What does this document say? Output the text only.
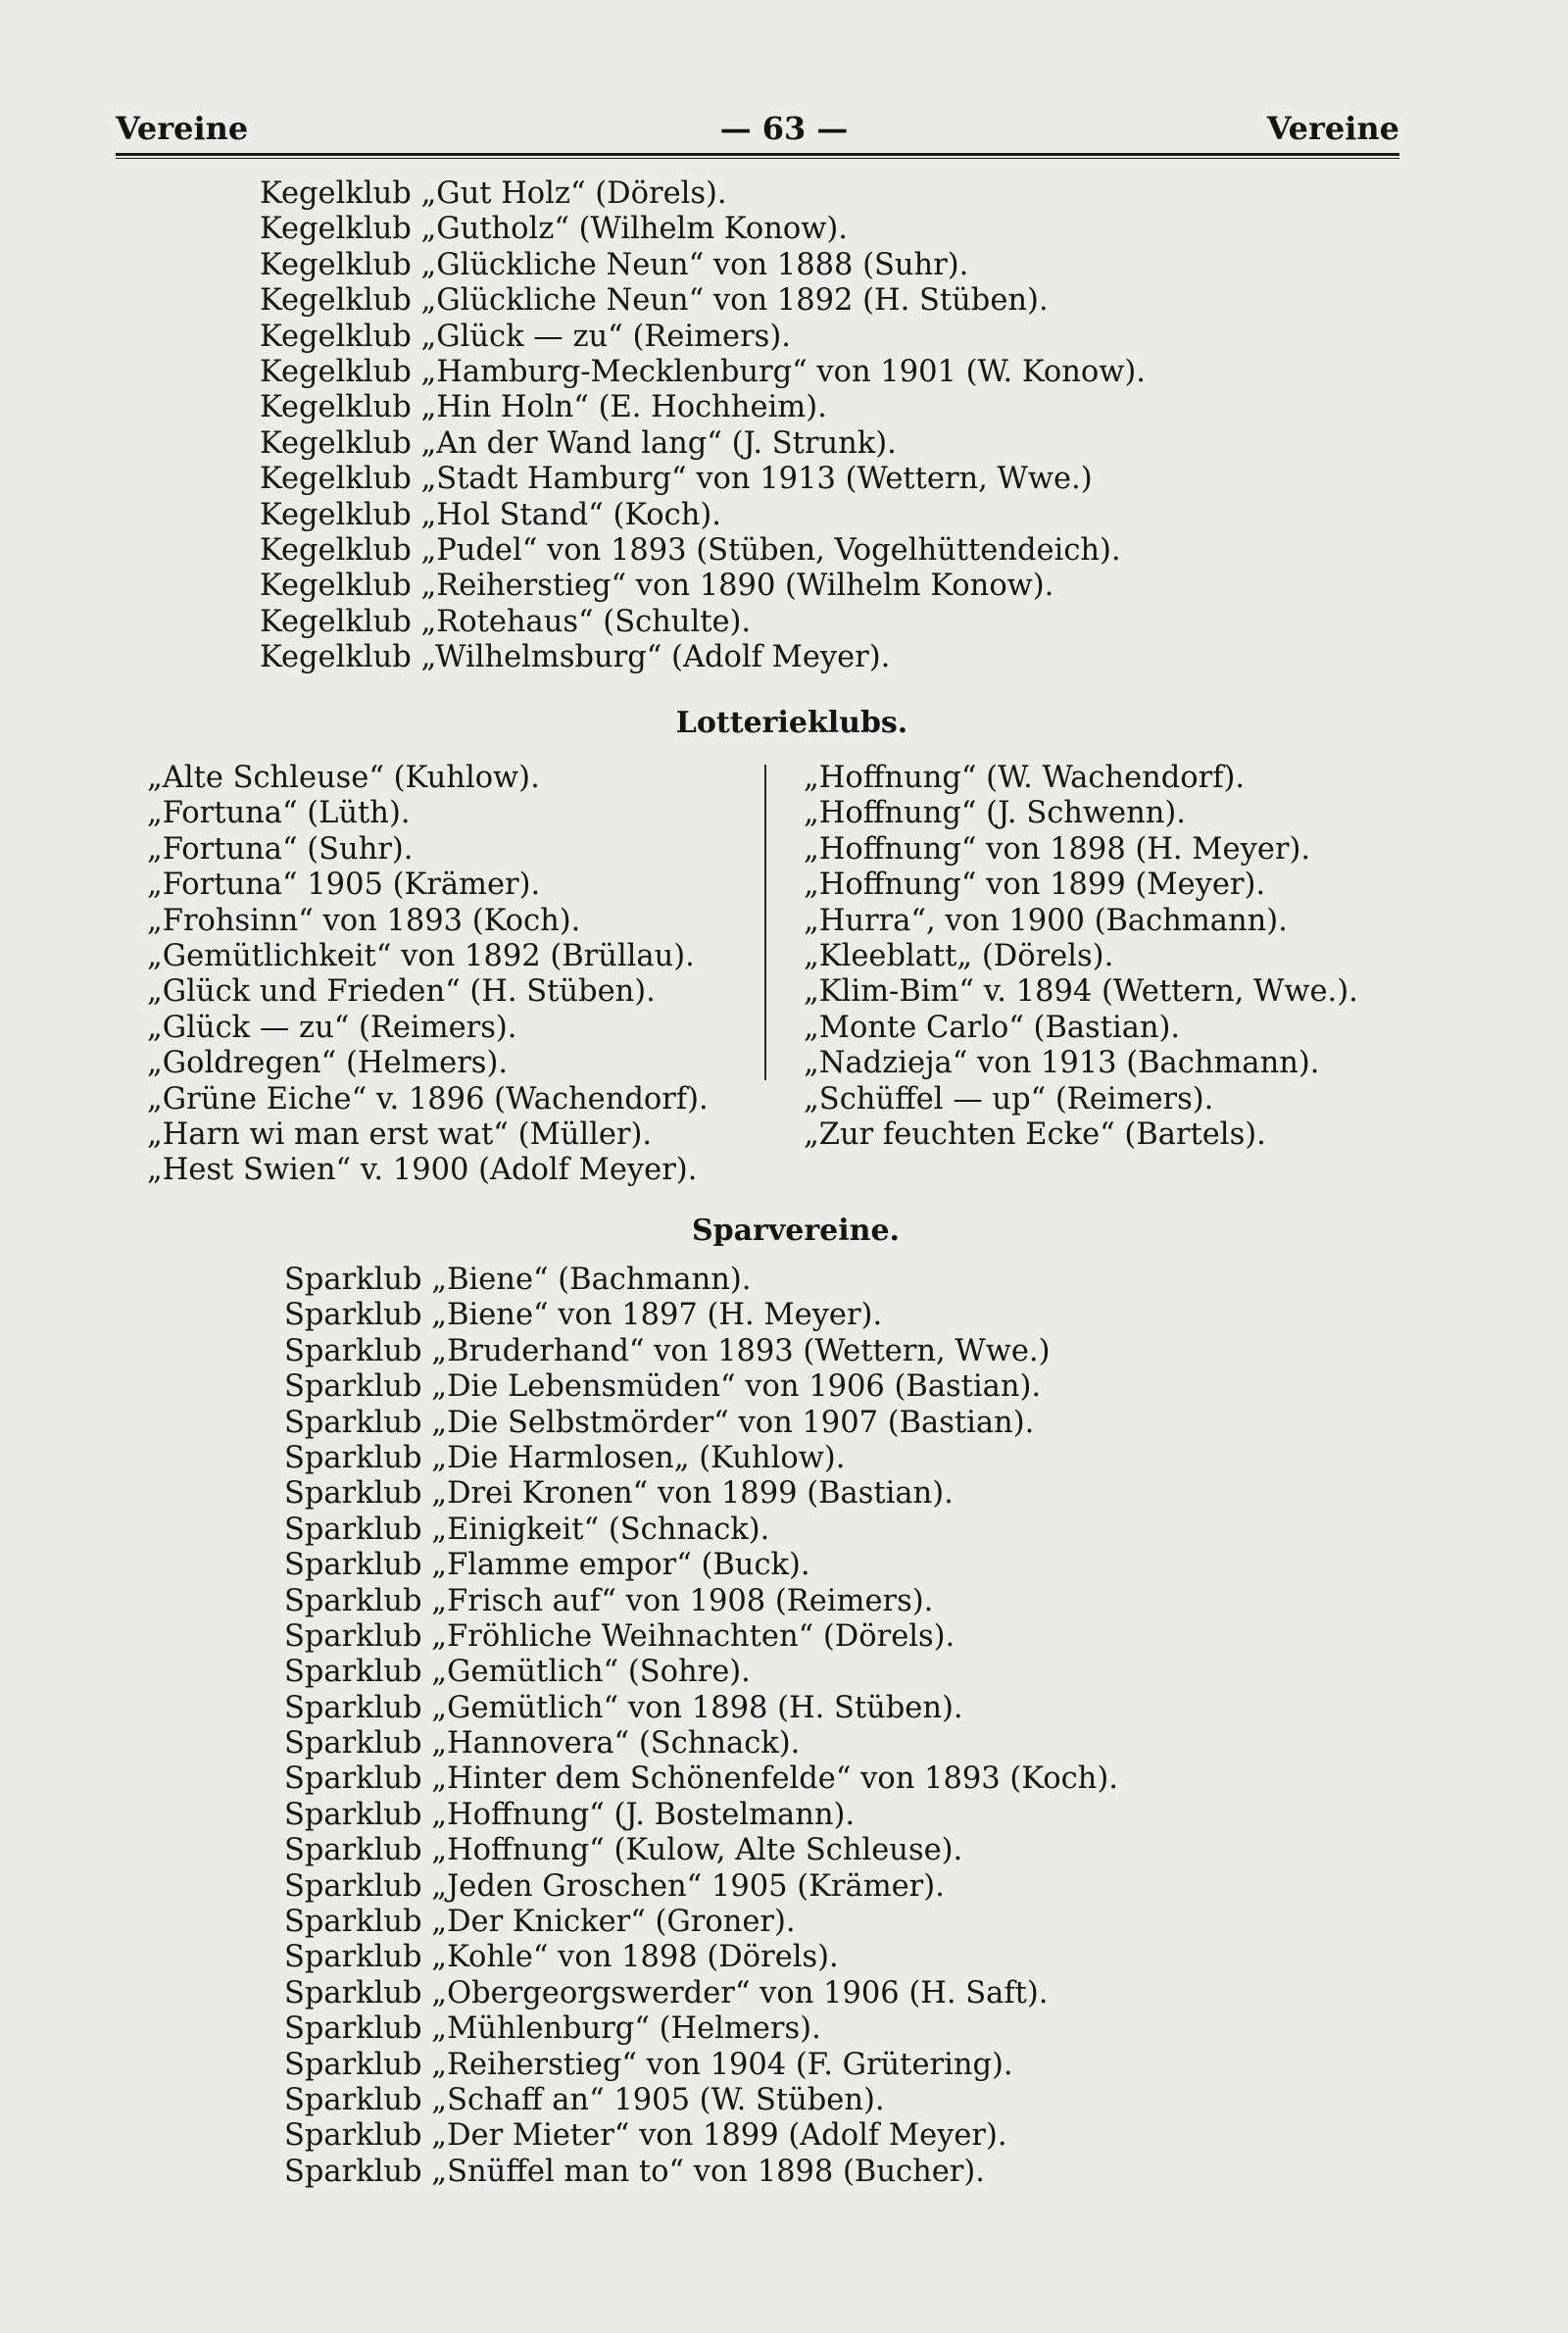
Vereine	— 63 —	Vereine
Kegelklub „Gut Holz“ (Dörels).
Kegelklub „Gutholz“ (Wilhelm Konow).
Kegelklub „Glückliche Neun“ von 1888 (Suhr).
Kegelklub „Glückliche Neun“ von 1892 (H. Stüben).
Kegelklub „Glück — zu“ (Reimers).
Kegelklub „Hamburg-Mecklenburg“ von 1901 (W. Konow).
Kegelklub „Hin Holn“ (E. Hochheim).
Kegelklub „An der Wand lang“ (J. Strunk).
Kegelklub „Stadt Hamburg“ von 1913 (Wettern, Wwe.)
Kegelklub „Hol Stand“ (Koch).
Kegelklub „Pudel“ von 1893 (Stüben, Vogelhüttendeich).
Kegelklub „Reiherstieg“ von 1890 (Wilhelm Konow).
Kegelklub „Rotehaus“ (Schulte).
Kegelklub „Wilhelmsburg“ (Adolf Meyer).
Lotterieklubs.
„Alte Schleuse“ (Kuhlow).
„Fortuna“ (Lüth).
„Fortuna“ (Suhr).
„Fortuna“ 1905 (Krämer).
„Frohsinn“ von 1893 (Koch).
„Gemütlichkeit“ von 1892 (Brüllau).
„Glück und Frieden“ (H. Stüben).
„Glück — zu“ (Reimers).
„Goldregen“ (Helmers).
„Grüne Eiche“ v. 1896 (Wachendorf).
„Harn wi man erst wat“ (Müller).
„Hest Swien“ v. 1900 (Adolf Meyer).
„Hoffnung“ (W. Wachendorf).
„Hoffnung“ (J. Schwenn).
„Hoffnung“ von 1898 (H. Meyer).
„Hoffnung“ von 1899 (Meyer).
„Hurra“, von 1900 (Bachmann).
„Kleeblatt„ (Dörels).
„Klim-Bim“ v. 1894 (Wettern, Wwe.).
„Monte Carlo“ (Bastian).
„Nadzieja“ von 1913 (Bachmann).
„Schüffel — up“ (Reimers).
„Zur feuchten Ecke“ (Bartels).
Sparvereine.
Sparklub „Biene“ (Bachmann).
Sparklub „Biene“ von 1897 (H. Meyer).
Sparklub „Bruderhand“ von 1893 (Wettern, Wwe.)
Sparklub „Die Lebensmüden“ von 1906 (Bastian).
Sparklub „Die Selbstmörder“ von 1907 (Bastian).
Sparklub „Die Harmlosen„ (Kuhlow).
Sparklub „Drei Kronen“ von 1899 (Bastian).
Sparklub „Einigkeit“ (Schnack).
Sparklub „Flamme empor“ (Buck).
Sparklub „Frisch auf“ von 1908 (Reimers).
Sparklub „Fröhliche Weihnachten“ (Dörels).
Sparklub „Gemütlich“ (Sohre).
Sparklub „Gemütlich“ von 1898 (H. Stüben).
Sparklub „Hannovera“ (Schnack).
Sparklub „Hinter dem Schönenfelde“ von 1893 (Koch).
Sparklub „Hoffnung“ (J. Bostelmann).
Sparklub „Hoffnung“ (Kulow, Alte Schleuse).
Sparklub „Jeden Groschen“ 1905 (Krämer).
Sparklub „Der Knicker“ (Groner).
Sparklub „Kohle“ von 1898 (Dörels).
Sparklub „Obergeorgswerder“ von 1906 (H. Saft).
Sparklub „Mühlenburg“ (Helmers).
Sparklub „Reiherstieg“ von 1904 (F. Grütering).
Sparklub „Schaff an“ 1905 (W. Stüben).
Sparklub „Der Mieter“ von 1899 (Adolf Meyer).
Sparklub „Snüffel man to“ von 1898 (Bucher).
